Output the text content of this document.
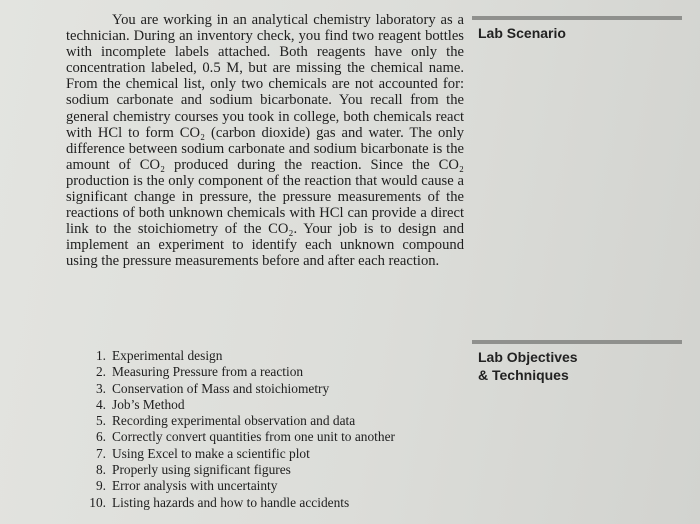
You are working in an analytical chemistry laboratory as a technician. During an inventory check, you find two reagent bottles with incomplete labels attached. Both reagents have only the concentration labeled, 0.5 M, but are missing the chemical name. From the chemical list, only two chemicals are not accounted for: sodium carbonate and sodium bicarbonate. You recall from the general chemistry courses you took in college, both chemicals react with HCl to form CO₂ (carbon dioxide) gas and water. The only difference between sodium carbonate and sodium bicarbonate is the amount of CO₂ produced during the reaction. Since the CO₂ production is the only component of the reaction that would cause a significant change in pressure, the pressure measurements of the reactions of both unknown chemicals with HCl can provide a direct link to the stoichiometry of the CO₂. Your job is to design and implement an experiment to identify each unknown compound using the pressure measurements before and after each reaction.

Lab Scenario
Lab Objectives
& Techniques
1. Experimental design
2. Measuring Pressure from a reaction
3. Conservation of Mass and stoichiometry
4. Job’s Method
5. Recording experimental observation and data
6. Correctly convert quantities from one unit to another
7. Using Excel to make a scientific plot
8. Properly using significant figures
9. Error analysis with uncertainty
10. Listing hazards and how to handle accidents
